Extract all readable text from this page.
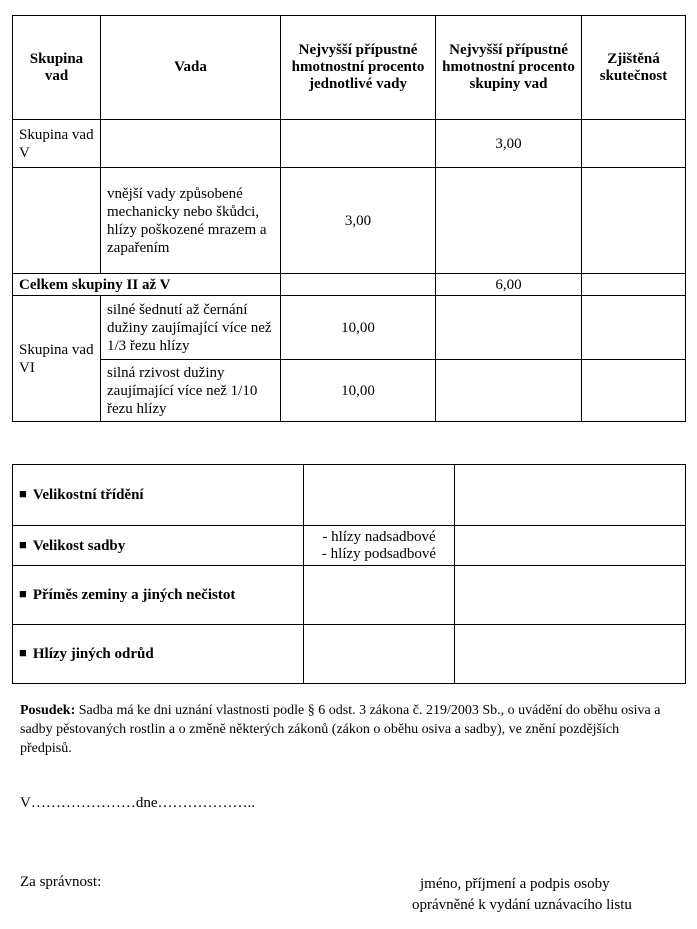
Skupina vad	Vada	Nejvyšší přípustné hmotnostní procento jednotlivé vady	Nejvyšší přípustné hmotnostní procento skupiny vad	Zjištěná skutečnost
Skupina vad V			3,00	
	vnější vady způsobené mechanicky nebo škůdci, hlízy poškozené mrazem a zapařením	3,00		
Celkem skupiny II až V			6,00	
Skupina vad VI	silné šednutí až černání dužiny zaujímající více než 1/3 řezu hlízy	10,00		
	silná rzivost dužiny zaujímající více než 1/10 řezu hlízy	10,00		
■ Velikostní třídění		
■ Velikost sadby	- hlízy nadsadbové
- hlízy podsadbové	
■ Příměs zeminy a jiných nečistot		
■ Hlízy jiných odrůd		
Posudek: Sadba má ke dni uznání vlastnosti podle § 6 odst. 3 zákona č. 219/2003 Sb., o uvádění do oběhu osiva a sadby pěstovaných rostlin a o změně některých zákonů (zákon o oběhu osiva a sadby), ve znění pozdějších předpisů.
V…………………dne………………..
Za správnost:	jméno, příjmení a podpis osoby
oprávněné k vydání uznávacího listu
